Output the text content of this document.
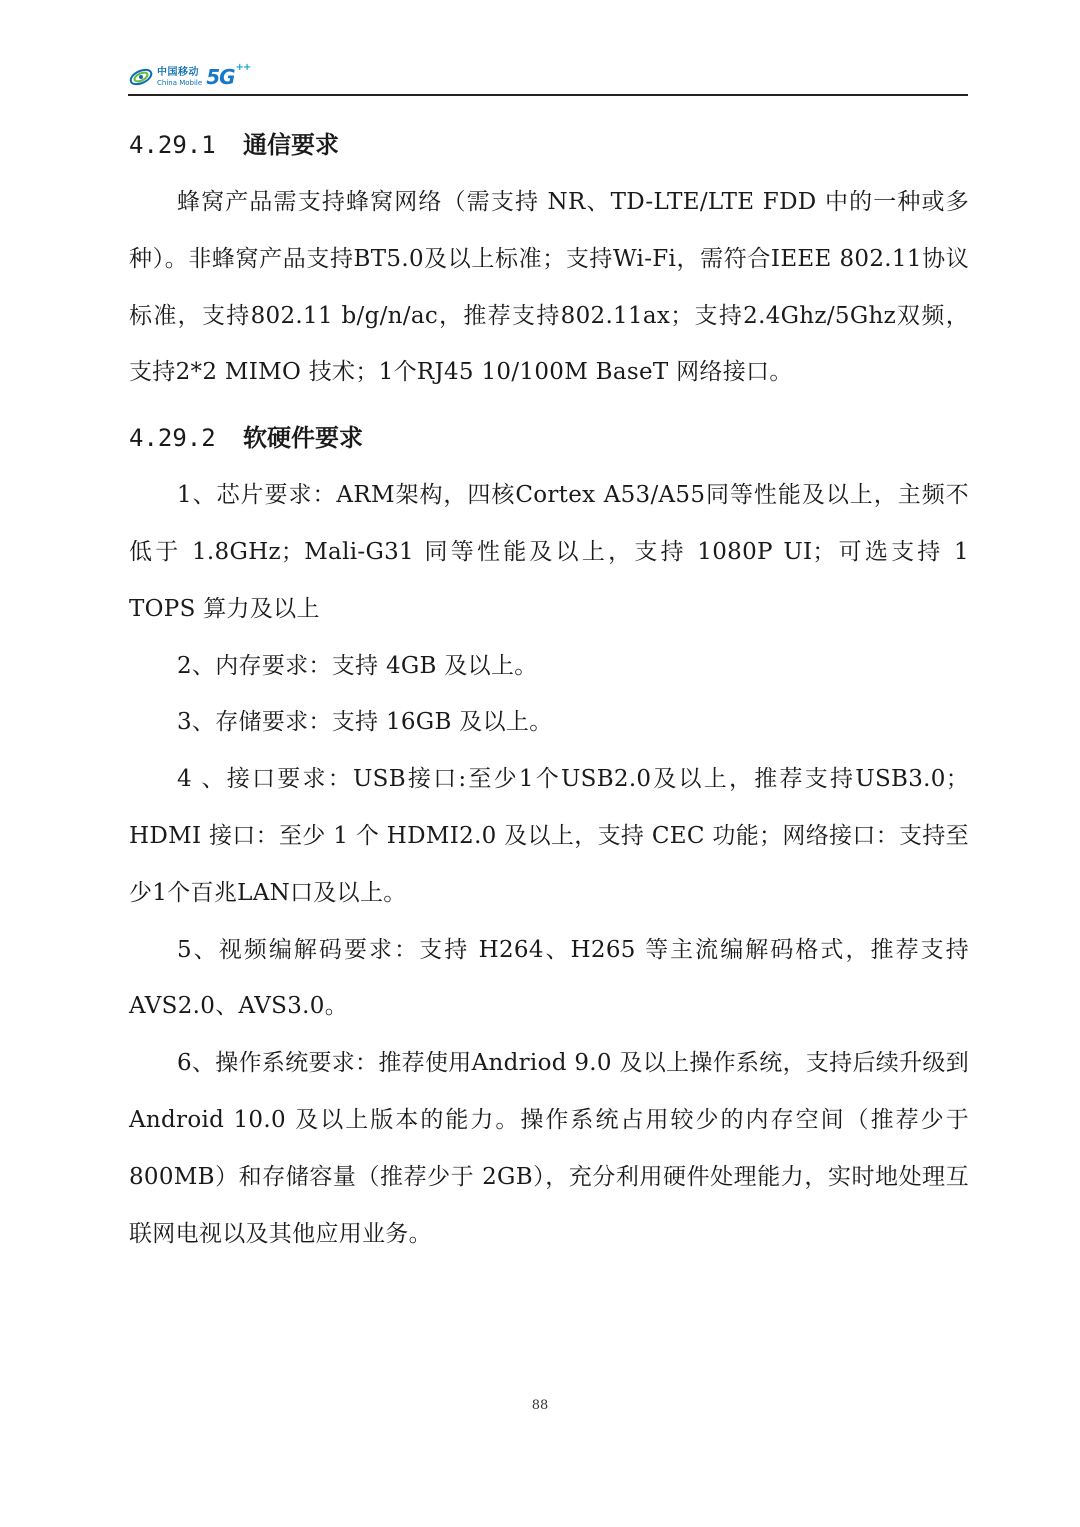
中国移动
China Mobile 5G++
4.29.1	通信要求

蜂窝产品需支持蜂窝网络（需支持 NR、TD-LTE/LTE FDD 中的一种或多种）。非蜂窝产品支持BT5.0及以上标准；支持Wi-Fi，需符合IEEE 802.11协议标准，支持802.11 b/g/n/ac，推荐支持802.11ax；支持2.4Ghz/5Ghz双频，支持2*2 MIMO 技术；1个RJ45 10/100M BaseT 网络接口。

4.29.2	软硬件要求

1、芯片要求：ARM架构，四核Cortex A53/A55同等性能及以上，主频不低于 1.8GHz；Mali-G31 同等性能及以上，支持 1080P UI；可选支持 1 TOPS 算力及以上

2、内存要求：支持 4GB 及以上。

3、存储要求：支持 16GB 及以上。

4 、接口要求：USB接口:至少1个USB2.0及以上，推荐支持USB3.0；HDMI 接口：至少 1 个 HDMI2.0 及以上，支持 CEC 功能；网络接口：支持至少1个百兆LAN口及以上。

5、视频编解码要求：支持 H264、H265 等主流编解码格式，推荐支持AVS2.0、AVS3.0。

6、操作系统要求：推荐使用Andriod 9.0 及以上操作系统，支持后续升级到 Android 10.0 及以上版本的能力。操作系统占用较少的内存空间（推荐少于 800MB）和存储容量（推荐少于 2GB），充分利用硬件处理能力，实时地处理互联网电视以及其他应用业务。

88
